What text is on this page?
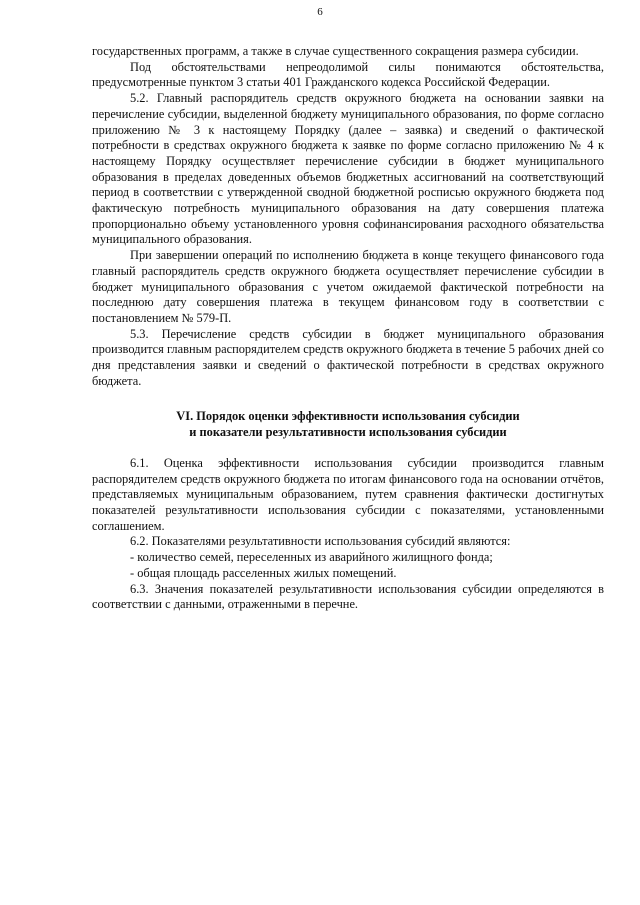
6

государственных программ, а также в случае существенного сокращения размера субсидии.

Под обстоятельствами непреодолимой силы понимаются обстоятельства, предусмотренные пунктом 3 статьи 401 Гражданского кодекса Российской Федерации.

5.2. Главный распорядитель средств окружного бюджета на основании заявки на перечисление субсидии, выделенной бюджету муниципального образования, по форме согласно приложению № 3 к настоящему Порядку (далее – заявка) и сведений о фактической потребности в средствах окружного бюджета к заявке по форме согласно приложению № 4 к настоящему Порядку осуществляет перечисление субсидии в бюджет муниципального образования в пределах доведенных объемов бюджетных ассигнований на соответствующий период в соответствии с утвержденной сводной бюджетной росписью окружного бюджета под фактическую потребность муниципального образования на дату совершения платежа пропорционально объему установленного уровня софинансирования расходного обязательства муниципального образования.

При завершении операций по исполнению бюджета в конце текущего финансового года главный распорядитель средств окружного бюджета осуществляет перечисление субсидии в бюджет муниципального образования с учетом ожидаемой фактической потребности на последнюю дату совершения платежа в текущем финансовом году в соответствии с постановлением № 579-П.

5.3. Перечисление средств субсидии в бюджет муниципального образования производится главным распорядителем средств окружного бюджета в течение 5 рабочих дней со дня представления заявки и сведений о фактической потребности в средствах окружного бюджета.

VI. Порядок оценки эффективности использования субсидии
и показатели результативности использования субсидии

6.1. Оценка эффективности использования субсидии производится главным распорядителем средств окружного бюджета по итогам финансового года на основании отчётов, представляемых муниципальным образованием, путем сравнения фактически достигнутых показателей результативности использования субсидии с показателями, установленными соглашением.

6.2. Показателями результативности использования субсидий являются:

- количество семей, переселенных из аварийного жилищного фонда;

- общая площадь расселенных жилых помещений.

6.3. Значения показателей результативности использования субсидии определяются в соответствии с данными, отраженными в перечне.
